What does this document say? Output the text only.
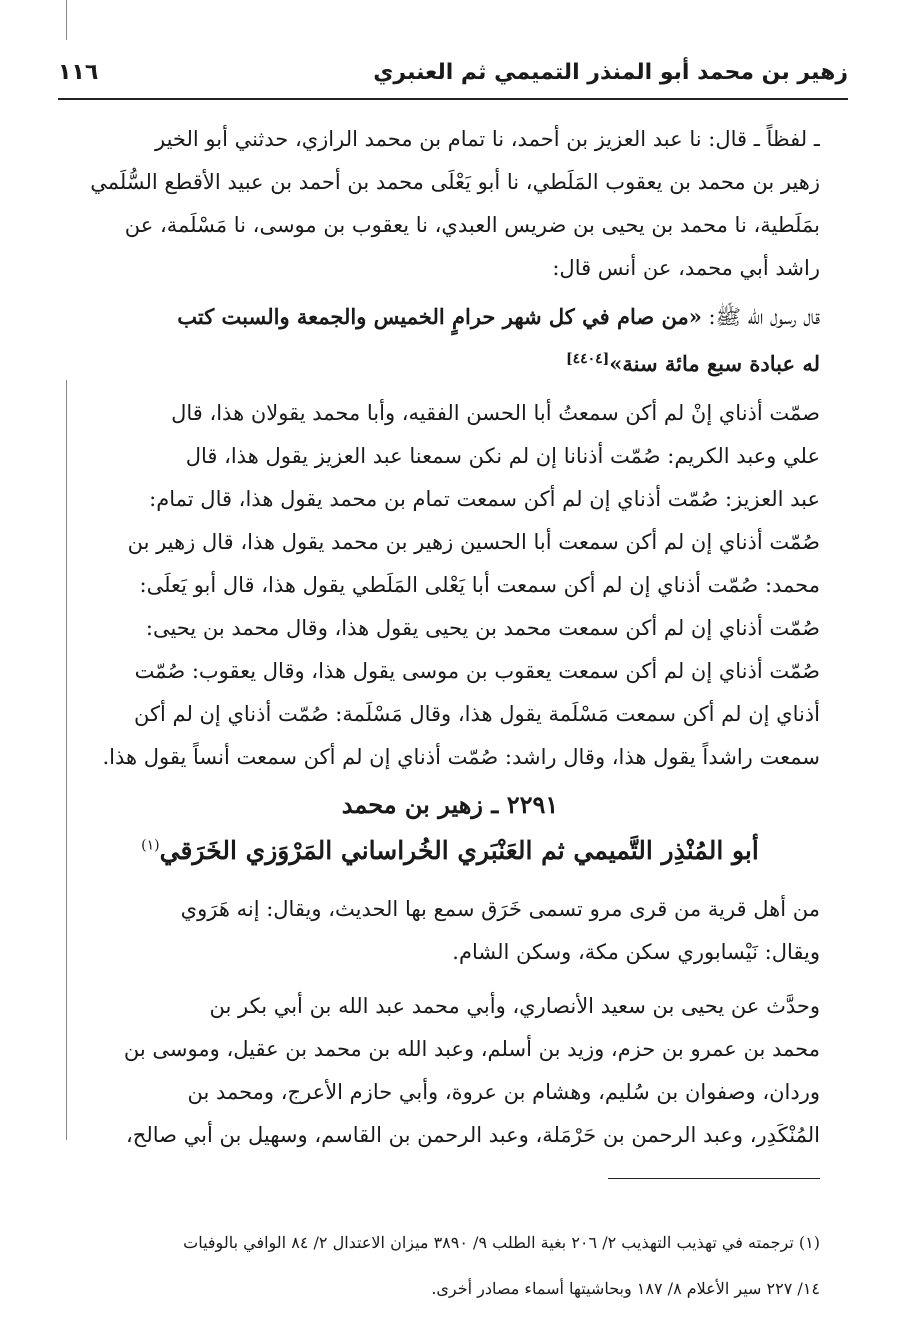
١١٦	زهير بن محمد أبو المنذر التميمي ثم العنبري

ـ لفظاً ـ قال: نا عبد العزيز بن أحمد، نا تمام بن محمد الرازي، حدثني أبو الخير

زهير بن محمد بن يعقوب المَلَطي، نا أبو يَعْلَى محمد بن أحمد بن عبيد الأقطع السُّلَمي

بمَلَطية، نا محمد بن يحيى بن ضريس العبدي، نا يعقوب بن موسى، نا مَسْلَمة، عن

راشد أبي محمد، عن أنس قال:

قال رسول الله ﷺ: «من صام في كل شهر حرامٍ الخميس والجمعة والسبت كتب

له عبادة سبع مائة سنة»[٤٤٠٤]

صمّت أذناي إنْ لم أكن سمعتُ أبا الحسن الفقيه، وأبا محمد يقولان هذا، قال

علي وعبد الكريم: صُمّت أذنانا إن لم نكن سمعنا عبد العزيز يقول هذا، قال

عبد العزيز: صُمّت أذناي إن لم أكن سمعت تمام بن محمد يقول هذا، قال تمام:

صُمّت أذناي إن لم أكن سمعت أبا الحسين زهير بن محمد يقول هذا، قال زهير بن

محمد: صُمّت أذناي إن لم أكن سمعت أبا يَعْلى المَلَطي يقول هذا، قال أبو يَعلَى:

صُمّت أذناي إن لم أكن سمعت محمد بن يحيى يقول هذا، وقال محمد بن يحيى:

صُمّت أذناي إن لم أكن سمعت يعقوب بن موسى يقول هذا، وقال يعقوب: صُمّت

أذناي إن لم أكن سمعت مَسْلَمة يقول هذا، وقال مَسْلَمة: صُمّت أذناي إن لم أكن

سمعت راشداً يقول هذا، وقال راشد: صُمّت أذناي إن لم أكن سمعت أنساً يقول هذا.

٢٢٩١ ـ زهير بن محمد
أبو المُنْذِر التَّميمي ثم العَنْبَري الخُراساني المَرْوَزي الخَرَقي$^{(١)}$

من أهل قرية من قرى مرو تسمى خَرَق سمع بها الحديث، ويقال: إنه هَرَوي

ويقال: نَيْسابوري سكن مكة، وسكن الشام.

وحدَّث عن يحيى بن سعيد الأنصاري، وأبي محمد عبد الله بن أبي بكر بن

محمد بن عمرو بن حزم، وزيد بن أسلم، وعبد الله بن محمد بن عقيل، وموسى بن

وردان، وصفوان بن سُليم، وهشام بن عروة، وأبي حازم الأعرج، ومحمد بن

المُنْكَدِر، وعبد الرحمن بن حَرْمَلة، وعبد الرحمن بن القاسم، وسهيل بن أبي صالح،

(١) ترجمته في تهذيب التهذيب ٢/ ٢٠٦ بغية الطلب ٩/ ٣٨٩٠ ميزان الاعتدال ٢/ ٨٤ الوافي بالوفيات

١٤/ ٢٢٧ سير الأعلام ٨/ ١٨٧ وبحاشيتها أسماء مصادر أخرى.
